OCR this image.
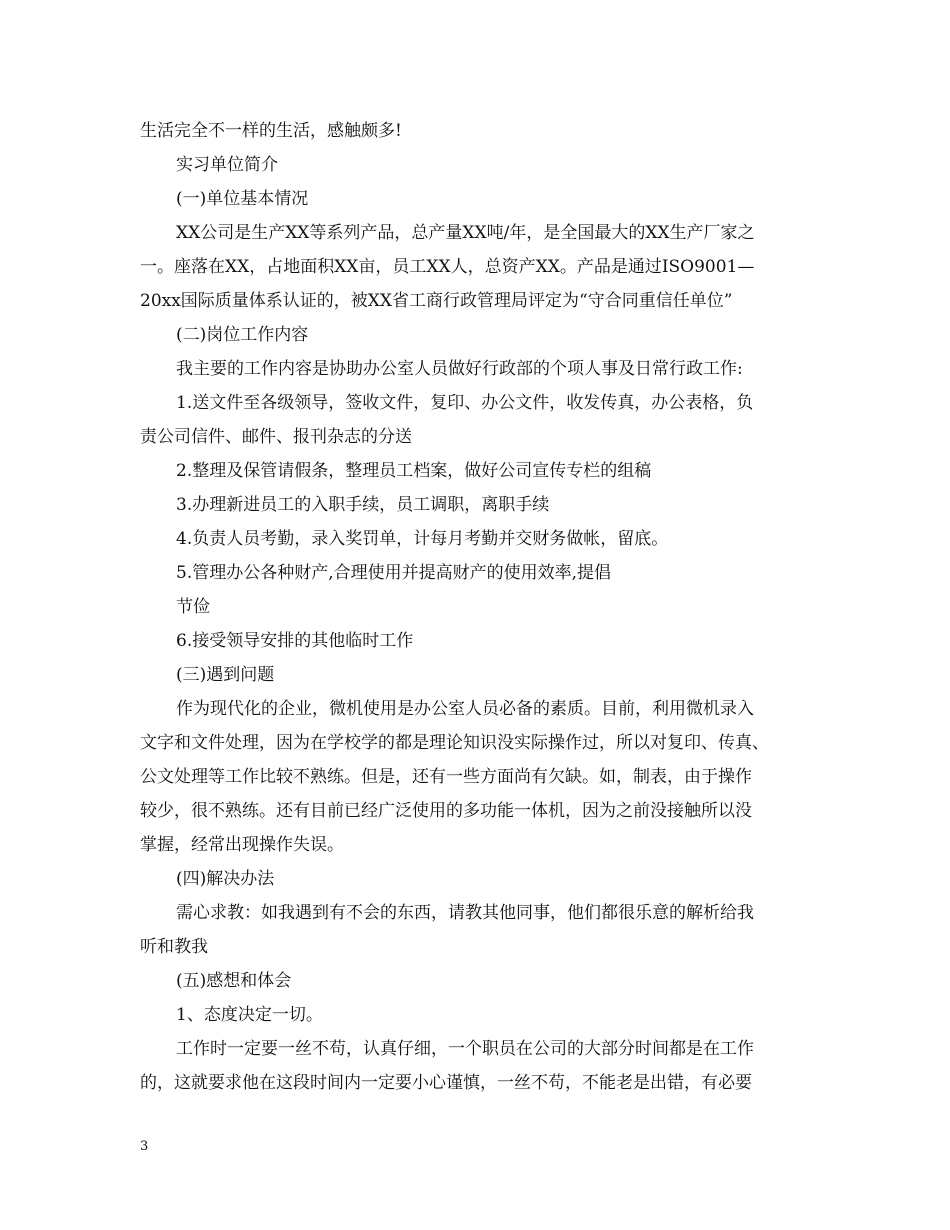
生活完全不一样的生活，感触颇多!
实习单位简介
(一)单位基本情况
XX公司是生产XX等系列产品，总产量XX吨/年，是全国最大的XX生产厂家之
一。座落在XX，占地面积XX亩，员工XX人，总资产XX。产品是通过ISO9001—
20xx国际质量体系认证的，被XX省工商行政管理局评定为“守合同重信任单位”
(二)岗位工作内容
我主要的工作内容是协助办公室人员做好行政部的个项人事及日常行政工作:
1.送文件至各级领导，签收文件，复印、办公文件，收发传真，办公表格，负
责公司信件、邮件、报刊杂志的分送
2.整理及保管请假条，整理员工档案，做好公司宣传专栏的组稿
3.办理新进员工的入职手续，员工调职，离职手续
4.负责人员考勤，录入奖罚单，计每月考勤并交财务做帐，留底。
5.管理办公各种财产,合理使用并提高财产的使用效率,提倡
节俭
6.接受领导安排的其他临时工作
(三)遇到问题
作为现代化的企业，微机使用是办公室人员必备的素质。目前，利用微机录入
文字和文件处理，因为在学校学的都是理论知识没实际操作过，所以对复印、传真、
公文处理等工作比较不熟练。但是，还有一些方面尚有欠缺。如，制表，由于操作
较少，很不熟练。还有目前已经广泛使用的多功能一体机，因为之前没接触所以没
掌握，经常出现操作失误。
(四)解决办法
需心求教：如我遇到有不会的东西，请教其他同事，他们都很乐意的解析给我
听和教我
(五)感想和体会
1、态度决定一切。
工作时一定要一丝不苟，认真仔细，一个职员在公司的大部分时间都是在工作
的，这就要求他在这段时间内一定要小心谨慎，一丝不苟，不能老是出错，有必要
3
